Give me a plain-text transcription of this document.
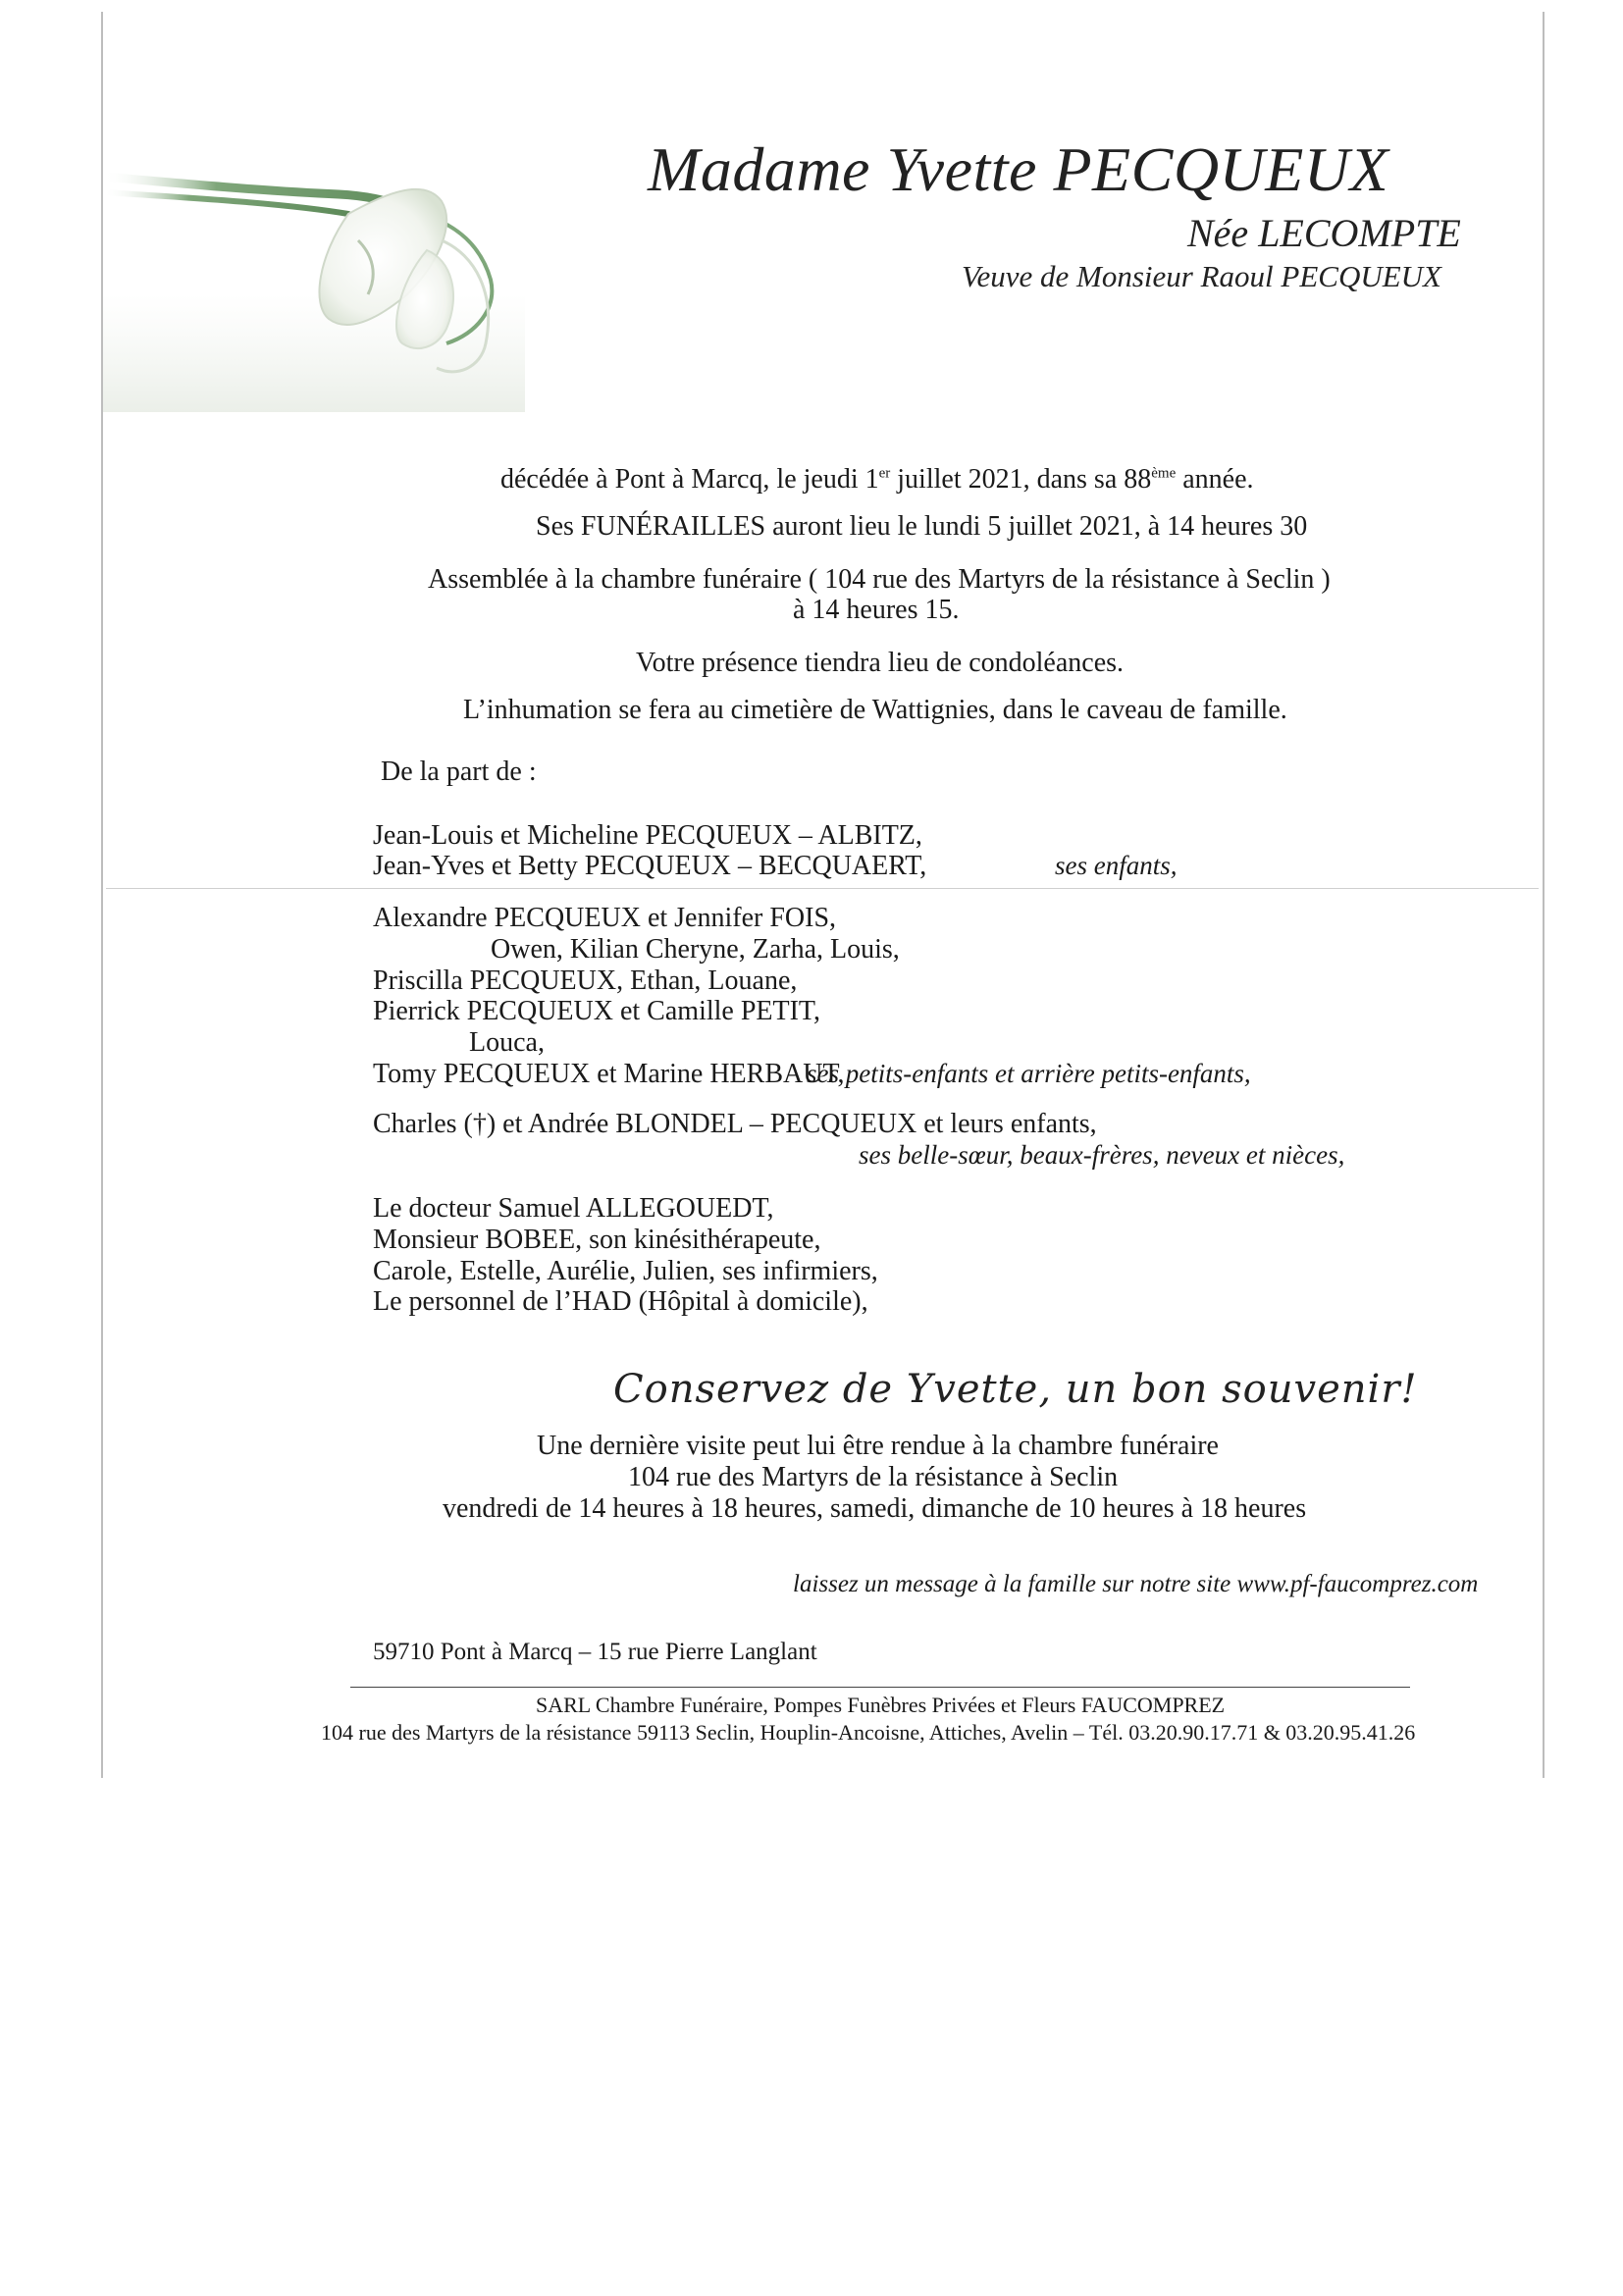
Madame Yvette PECQUEUX
Née LECOMPTE
Veuve de Monsieur Raoul PECQUEUX
décédée à Pont à Marcq, le jeudi 1er juillet 2021, dans sa 88ème année.
Ses FUNÉRAILLES auront lieu le lundi 5 juillet 2021, à 14 heures 30
Assemblée à la chambre funéraire ( 104 rue des Martyrs de la résistance à Seclin )
à 14 heures 15.
Votre présence tiendra lieu de condoléances.
L’inhumation se fera au cimetière de Wattignies, dans le caveau de famille.
De la part de :
Jean-Louis et Micheline PECQUEUX – ALBITZ,
Jean-Yves et Betty PECQUEUX – BECQUAERT,	ses enfants,
Alexandre PECQUEUX et Jennifer FOIS,
Owen, Kilian Cheryne, Zarha, Louis,
Priscilla PECQUEUX, Ethan, Louane,
Pierrick PECQUEUX et Camille PETIT,
Louca,
Tomy PECQUEUX et Marine HERBAUT,
ses petits-enfants et arrière petits-enfants,
Charles (†) et Andrée BLONDEL – PECQUEUX et leurs enfants,
ses belle-sœur, beaux-frères, neveux et nièces,
Le docteur Samuel ALLEGOUEDT,
Monsieur BOBEE, son kinésithérapeute,
Carole, Estelle, Aurélie, Julien, ses infirmiers,
Le personnel de l’HAD (Hôpital à domicile),
Conservez de Yvette, un bon souvenir!
Une dernière visite peut lui être rendue à la chambre funéraire
104 rue des Martyrs de la résistance à Seclin
vendredi de 14 heures à 18 heures, samedi, dimanche de 10 heures à 18 heures
laissez un message à la famille sur notre site www.pf-faucomprez.com
59710 Pont à Marcq – 15 rue Pierre Langlant
SARL Chambre Funéraire, Pompes Funèbres Privées et Fleurs FAUCOMPREZ
104 rue des Martyrs de la résistance 59113 Seclin, Houplin-Ancoisne, Attiches, Avelin – Tél. 03.20.90.17.71 & 03.20.95.41.26
